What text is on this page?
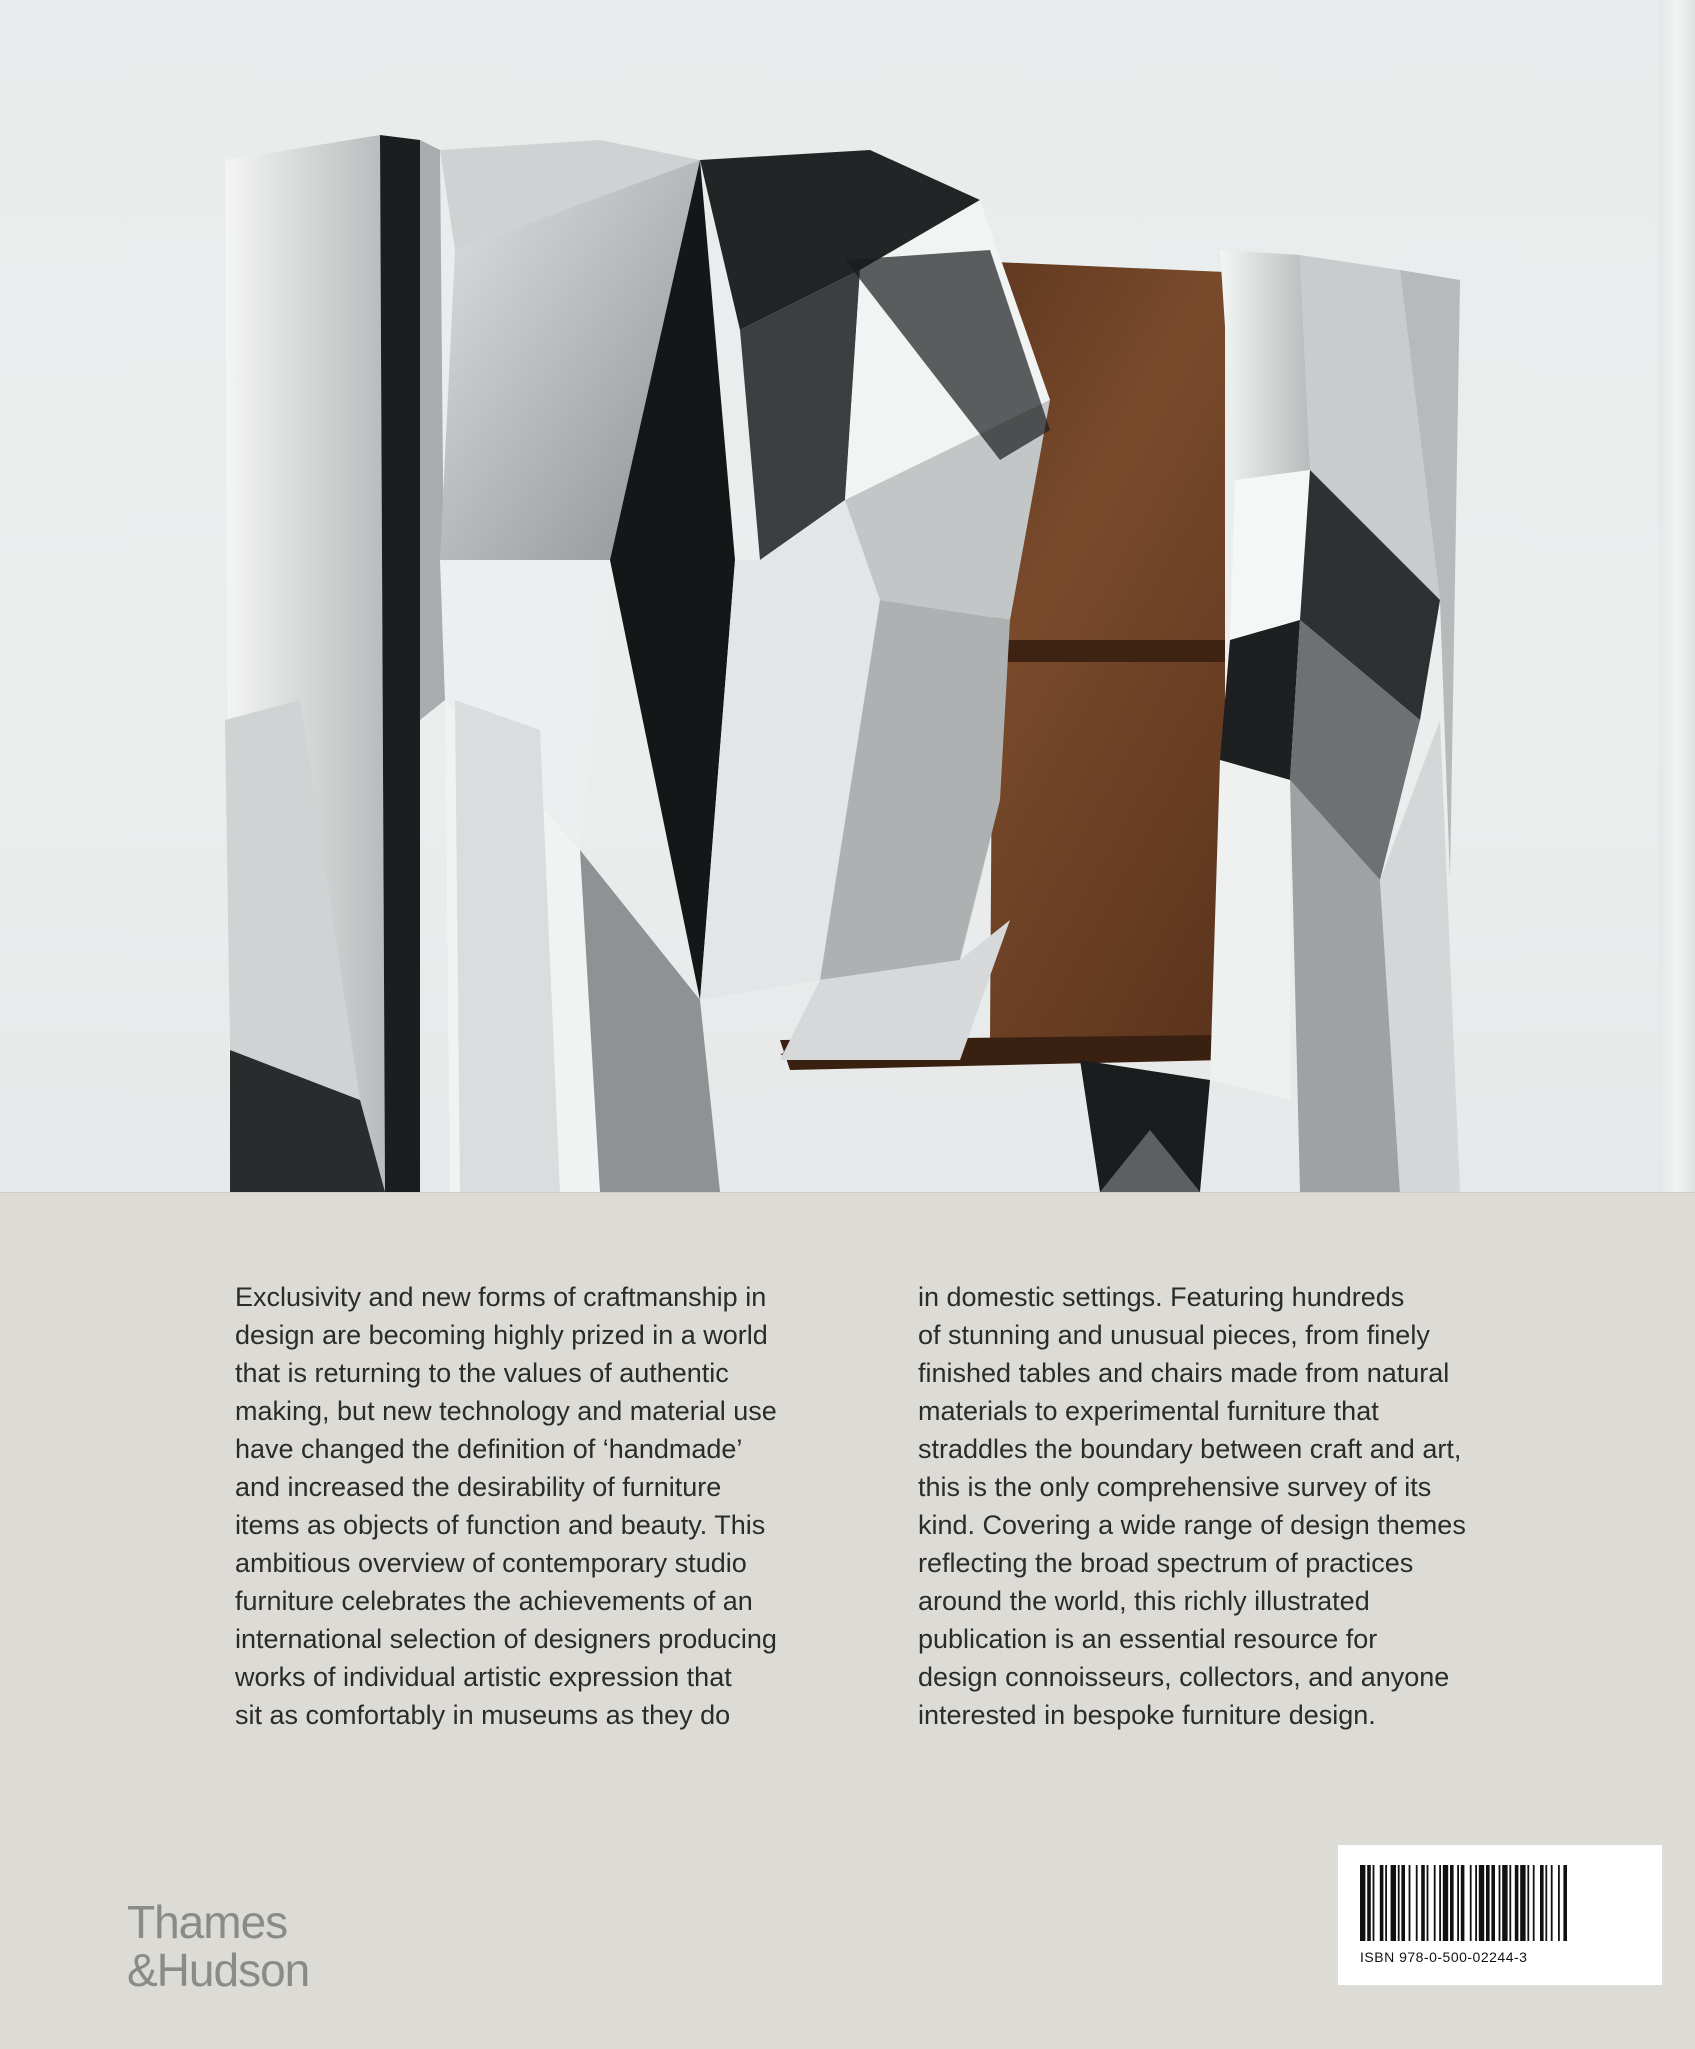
Exclusivity and new forms of craftmanship in
design are becoming highly prized in a world
that is returning to the values of authentic
making, but new technology and material use
have changed the definition of ‘handmade’
and increased the desirability of furniture
items as objects of function and beauty. This
ambitious overview of contemporary studio
furniture celebrates the achievements of an
international selection of designers producing
works of individual artistic expression that
sit as comfortably in museums as they do

in domestic settings. Featuring hundreds
of stunning and unusual pieces, from finely
finished tables and chairs made from natural
materials to experimental furniture that
straddles the boundary between craft and art,
this is the only comprehensive survey of its
kind. Covering a wide range of design themes
reflecting the broad spectrum of practices
around the world, this richly illustrated
publication is an essential resource for
design connoisseurs, collectors, and anyone
interested in bespoke furniture design.

Thames
&Hudson	ISBN 978-0-500-02244-3
